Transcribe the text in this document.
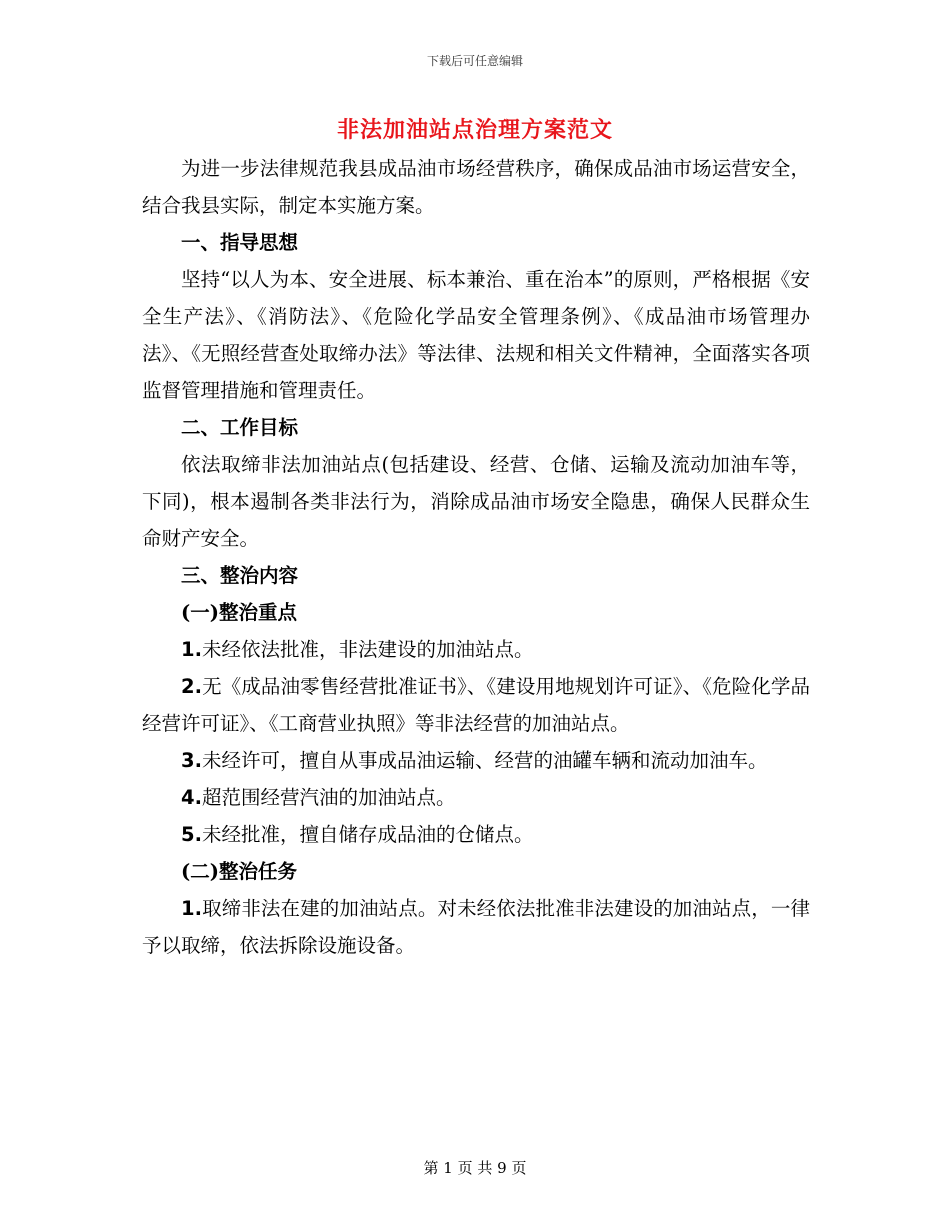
下载后可任意编辑
非法加油站点治理方案范文

为进一步法律规范我县成品油市场经营秩序，确保成品油市场运营安全，结合我县实际，制定本实施方案。

一、指导思想

坚持“以人为本、安全进展、标本兼治、重在治本”的原则，严格根据《安全生产法》、《消防法》、《危险化学品安全管理条例》、《成品油市场管理办法》、《无照经营查处取缔办法》等法律、法规和相关文件精神，全面落实各项监督管理措施和管理责任。

二、工作目标

依法取缔非法加油站点(包括建设、经营、仓储、运输及流动加油车等，下同)，根本遏制各类非法行为，消除成品油市场安全隐患，确保人民群众生命财产安全。

三、整治内容

(一)整治重点

1.未经依法批准，非法建设的加油站点。

2.无《成品油零售经营批准证书》、《建设用地规划许可证》、《危险化学品经营许可证》、《工商营业执照》等非法经营的加油站点。

3.未经许可，擅自从事成品油运输、经营的油罐车辆和流动加油车。

4.超范围经营汽油的加油站点。

5.未经批准，擅自储存成品油的仓储点。

(二)整治任务

1.取缔非法在建的加油站点。对未经依法批准非法建设的加油站点，一律予以取缔，依法拆除设施设备。

第 1 页 共 9 页
